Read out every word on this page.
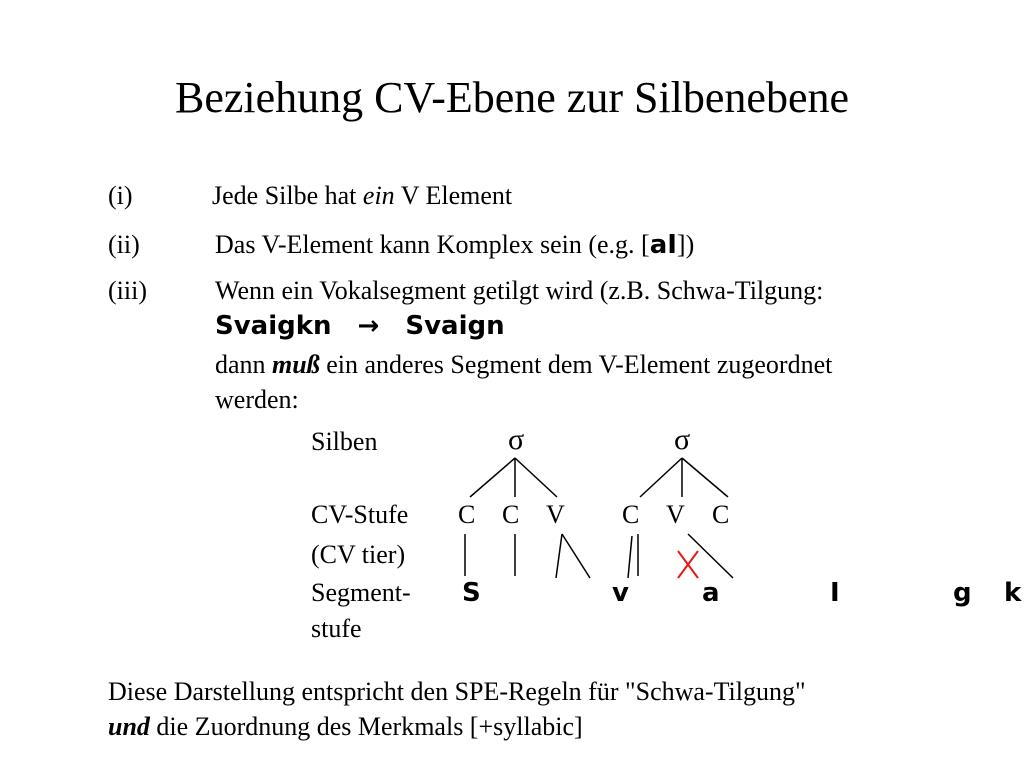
Beziehung CV-Ebene zur Silbenebene
(i)	Jede Silbe hat ein V Element
(ii)	Das V-Element kann Komplex sein (e.g. [aI])
(iii)	Wenn ein Vokalsegment getilgt wird (z.B. Schwa-Tilgung:
Svaigkn → Svaign
dann muß ein anderes Segment dem V-Element zugeordnet
werden:
Silben
CV-Stufe
(CV tier)
Segment-
stufe
σ	σ
C C V C V C
S	v	a	I	g k
Diese Darstellung entspricht den SPE-Regeln für "Schwa-Tilgung"
und die Zuordnung des Merkmals [+syllabic]
